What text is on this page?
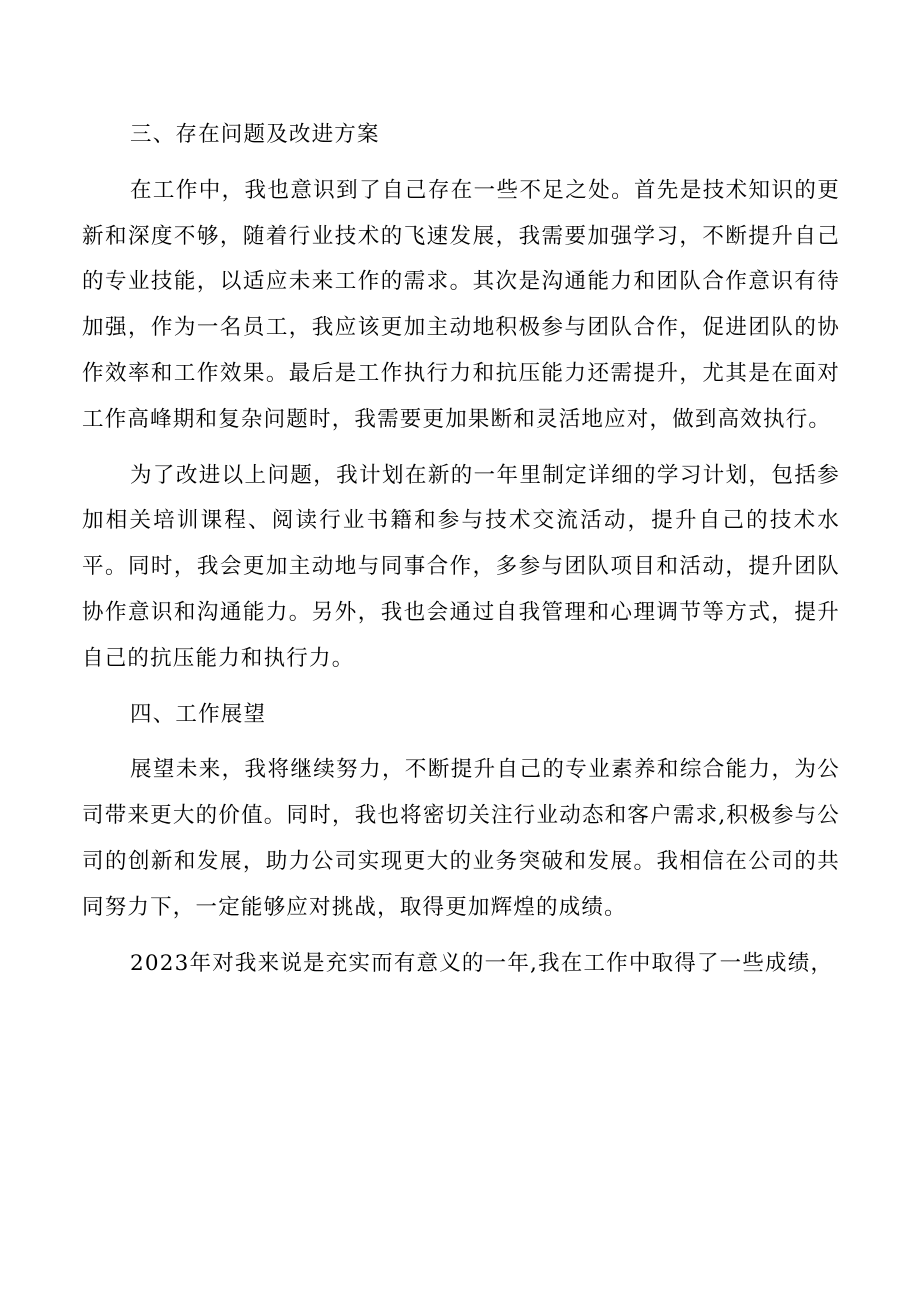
三、存在问题及改进方案

在工作中，我也意识到了自己存在一些不足之处。首先是技术知识的更新和深度不够，随着行业技术的飞速发展，我需要加强学习，不断提升自己的专业技能，以适应未来工作的需求。其次是沟通能力和团队合作意识有待加强，作为一名员工，我应该更加主动地积极参与团队合作，促进团队的协作效率和工作效果。最后是工作执行力和抗压能力还需提升，尤其是在面对工作高峰期和复杂问题时，我需要更加果断和灵活地应对，做到高效执行。

为了改进以上问题，我计划在新的一年里制定详细的学习计划，包括参加相关培训课程、阅读行业书籍和参与技术交流活动，提升自己的技术水平。同时，我会更加主动地与同事合作，多参与团队项目和活动，提升团队协作意识和沟通能力。另外，我也会通过自我管理和心理调节等方式，提升自己的抗压能力和执行力。

四、工作展望

展望未来，我将继续努力，不断提升自己的专业素养和综合能力，为公司带来更大的价值。同时，我也将密切关注行业动态和客户需求,积极参与公司的创新和发展，助力公司实现更大的业务突破和发展。我相信在公司的共同努力下，一定能够应对挑战，取得更加辉煌的成绩。

2023年对我来说是充实而有意义的一年,我在工作中取得了一些成绩，
